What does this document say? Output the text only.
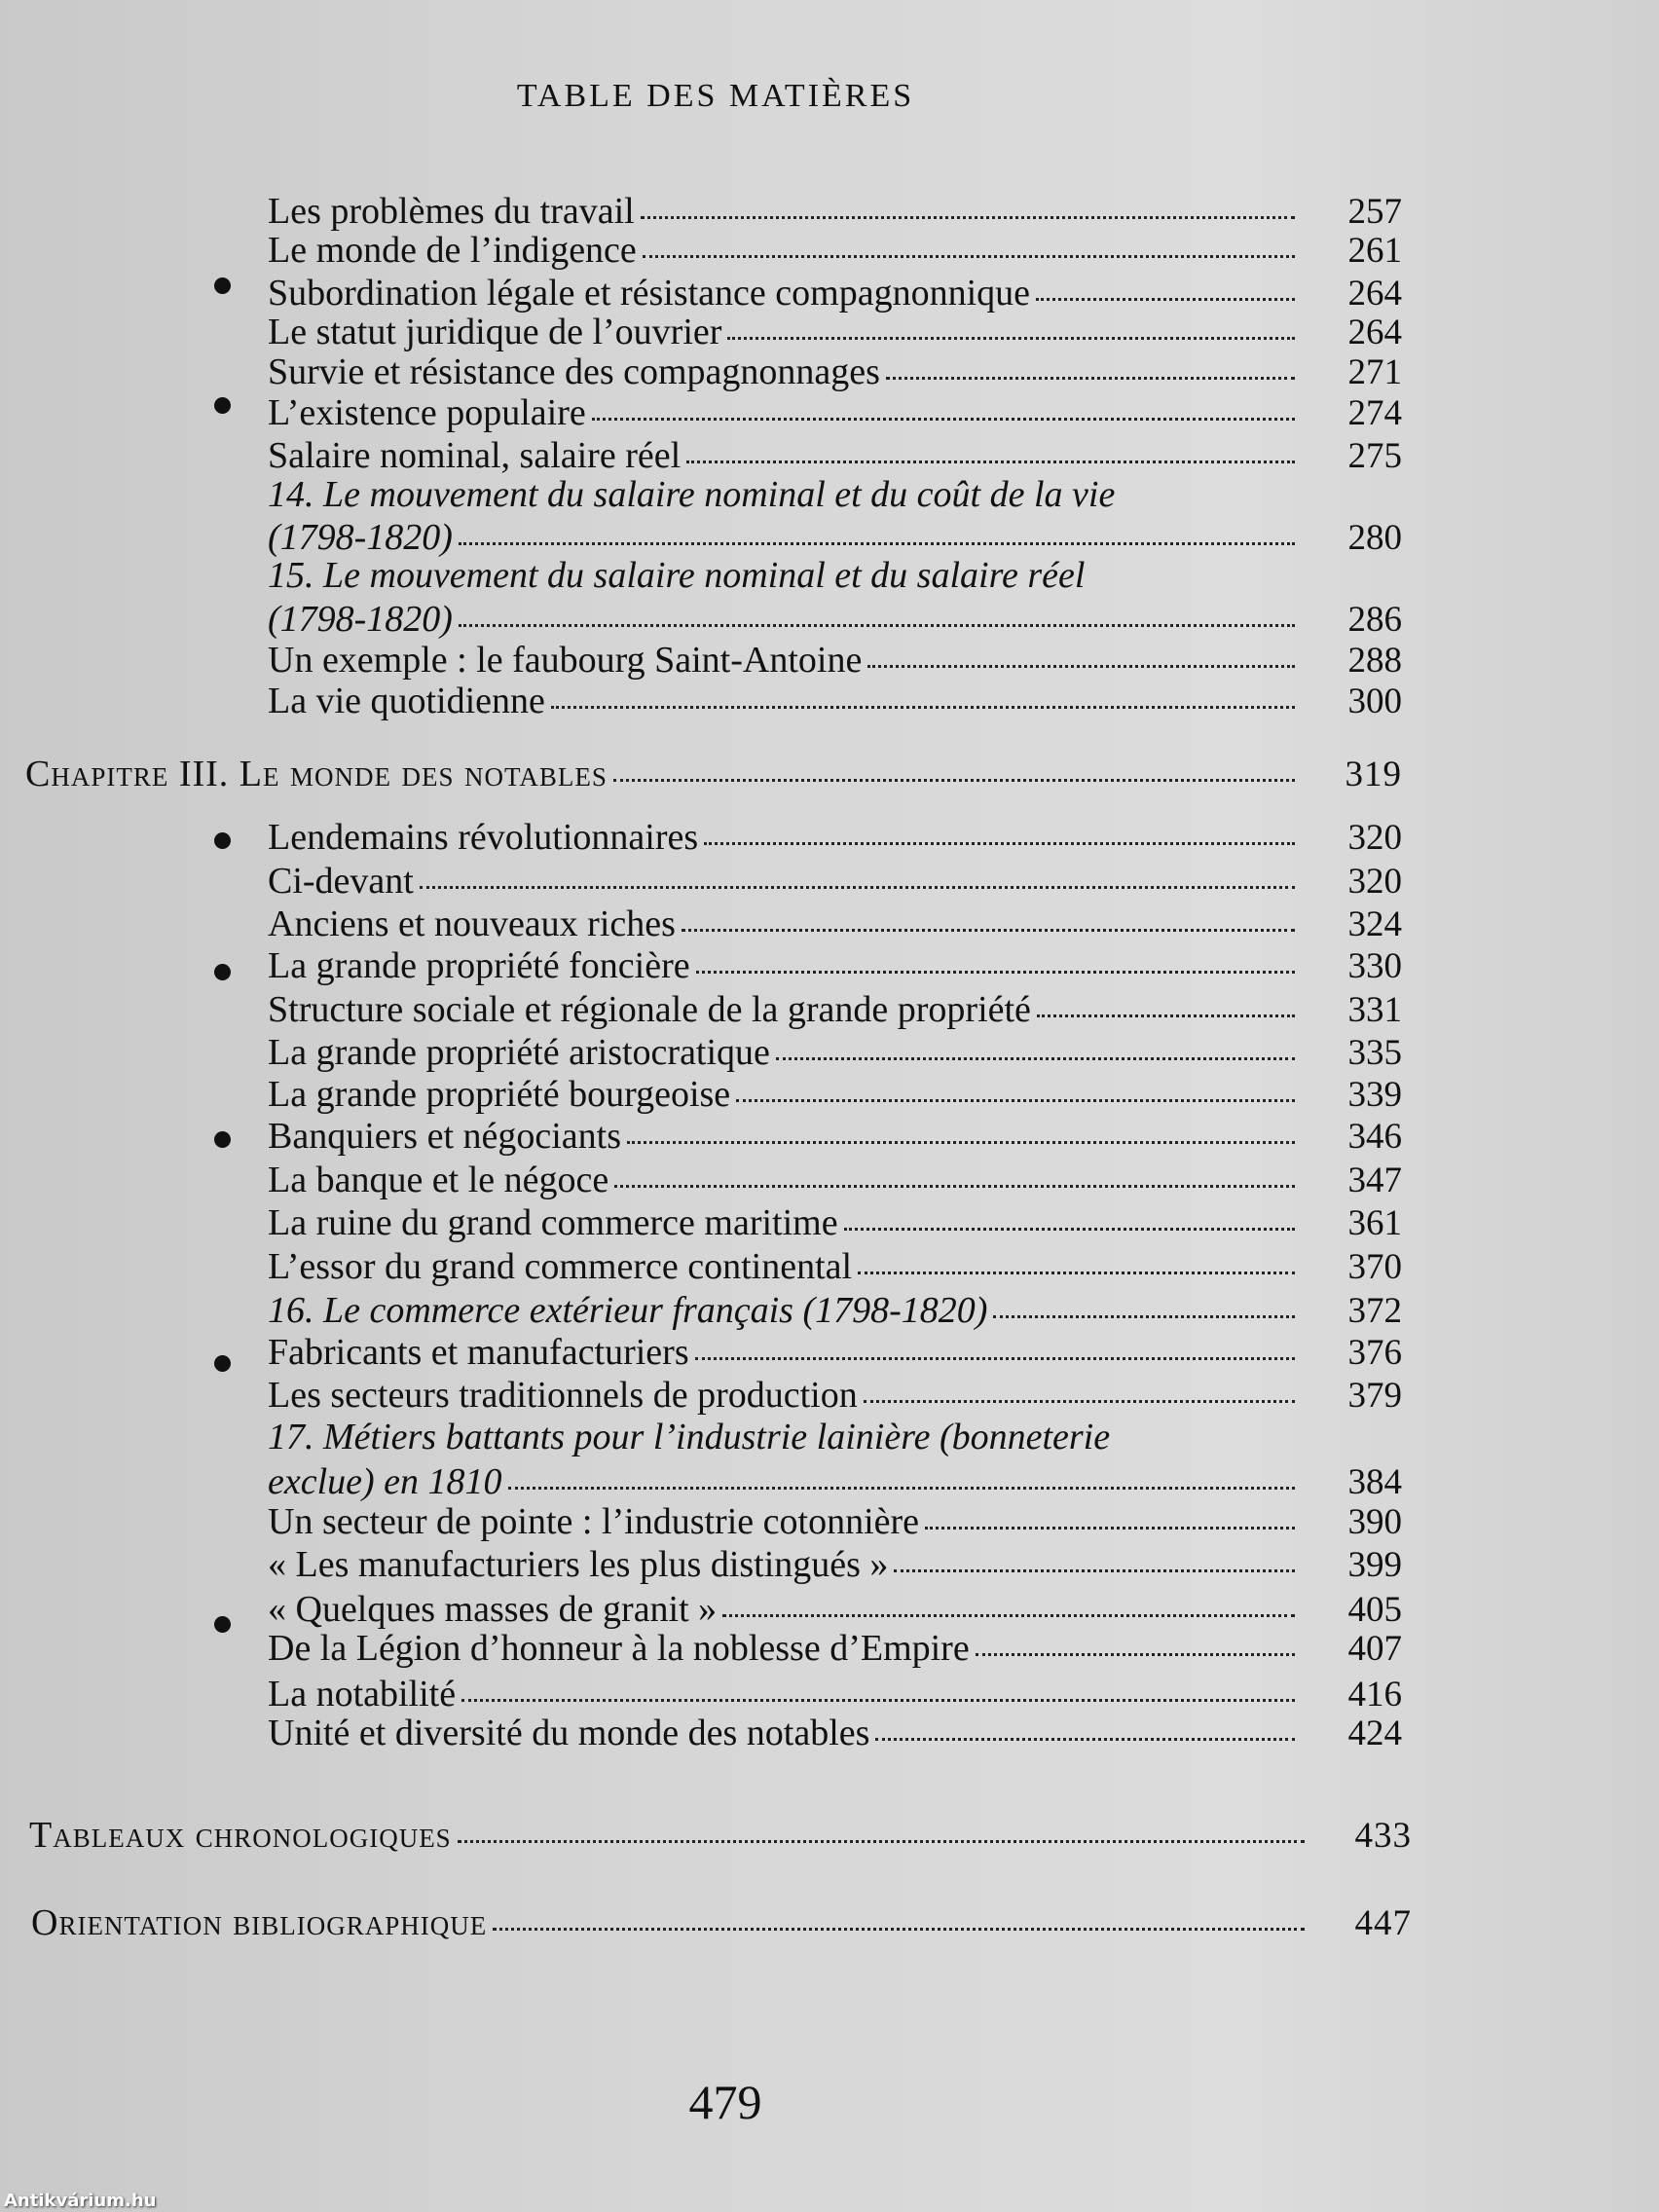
TABLE DES MATIÈRES
Les problèmes du travail	257
Le monde de l’indigence	261
Subordination légale et résistance compagnonnique	264
Le statut juridique de l’ouvrier	264
Survie et résistance des compagnonnages	271
L’existence populaire	274
Salaire nominal, salaire réel	275
14. Le mouvement du salaire nominal et du coût de la vie
(1798-1820)	280
15. Le mouvement du salaire nominal et du salaire réel
(1798-1820)	286
Un exemple : le faubourg Saint-Antoine	288
La vie quotidienne	300
Chapitre III. Le monde des notables	319
Lendemains révolutionnaires	320
Ci-devant	320
Anciens et nouveaux riches	324
La grande propriété foncière	330
Structure sociale et régionale de la grande propriété	331
La grande propriété aristocratique	335
La grande propriété bourgeoise	339
Banquiers et négociants	346
La banque et le négoce	347
La ruine du grand commerce maritime	361
L’essor du grand commerce continental	370
16. Le commerce extérieur français (1798-1820)	372
Fabricants et manufacturiers	376
Les secteurs traditionnels de production	379
17. Métiers battants pour l’industrie lainière (bonneterie
exclue) en 1810	384
Un secteur de pointe : l’industrie cotonnière	390
« Les manufacturiers les plus distingués »	399
« Quelques masses de granit »	405
De la Légion d’honneur à la noblesse d’Empire	407
La notabilité	416
Unité et diversité du monde des notables	424
Tableaux chronologiques	433
Orientation bibliographique	447
479
Antikvárium.hu
